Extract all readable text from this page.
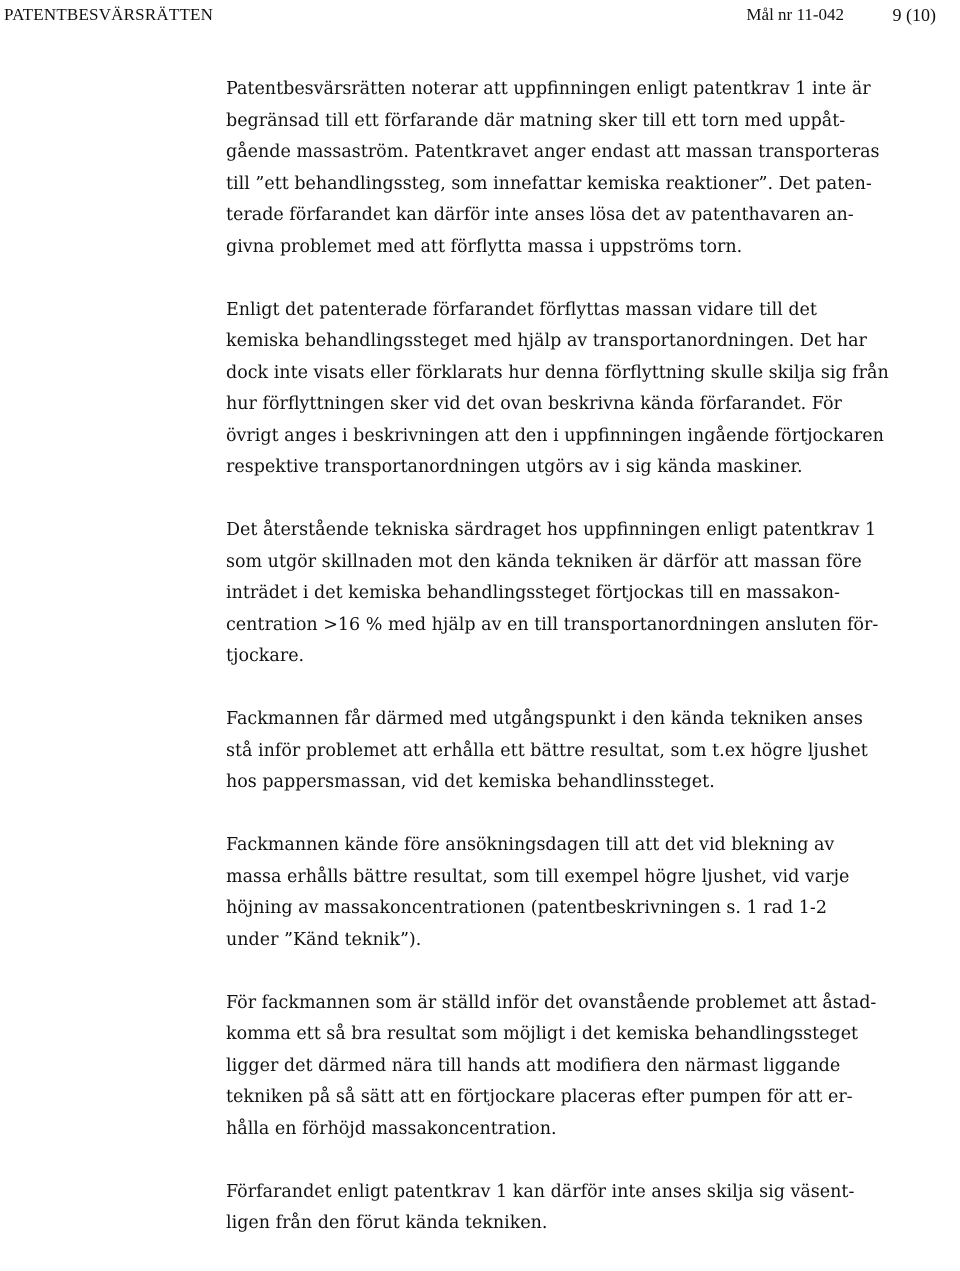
PATENTBESVÄRSRÄTTEN	Mål nr 11-042	9 (10)

Patentbesvärsrätten noterar att uppfinningen enligt patentkrav 1 inte är
begränsad till ett förfarande där matning sker till ett torn med uppåt-
gående massaström. Patentkravet anger endast att massan transporteras
till ”ett behandlingssteg, som innefattar kemiska reaktioner”. Det paten-
terade förfarandet kan därför inte anses lösa det av patenthavaren an-
givna problemet med att förflytta massa i uppströms torn.

Enligt det patenterade förfarandet förflyttas massan vidare till det
kemiska behandlingssteget med hjälp av transportanordningen. Det har
dock inte visats eller förklarats hur denna förflyttning skulle skilja sig från
hur förflyttningen sker vid det ovan beskrivna kända förfarandet. För
övrigt anges i beskrivningen att den i uppfinningen ingående förtjockaren
respektive transportanordningen utgörs av i sig kända maskiner.

Det återstående tekniska särdraget hos uppfinningen enligt patentkrav 1
som utgör skillnaden mot den kända tekniken är därför att massan före
inträdet i det kemiska behandlingssteget förtjockas till en massakon-
centration >16 % med hjälp av en till transportanordningen ansluten för-
tjockare.

Fackmannen får därmed med utgångspunkt i den kända tekniken anses
stå inför problemet att erhålla ett bättre resultat, som t.ex högre ljushet
hos pappersmassan, vid det kemiska behandlinssteget.

Fackmannen kände före ansökningsdagen till att det vid blekning av
massa erhålls bättre resultat, som till exempel högre ljushet, vid varje
höjning av massakoncentrationen (patentbeskrivningen s. 1 rad 1-2
under ”Känd teknik”).

För fackmannen som är ställd inför det ovanstående problemet att åstad-
komma ett så bra resultat som möjligt i det kemiska behandlingssteget
ligger det därmed nära till hands att modifiera den närmast liggande
tekniken på så sätt att en förtjockare placeras efter pumpen för att er-
hålla en förhöjd massakoncentration.

Förfarandet enligt patentkrav 1 kan därför inte anses skilja sig väsent-
ligen från den förut kända tekniken.
